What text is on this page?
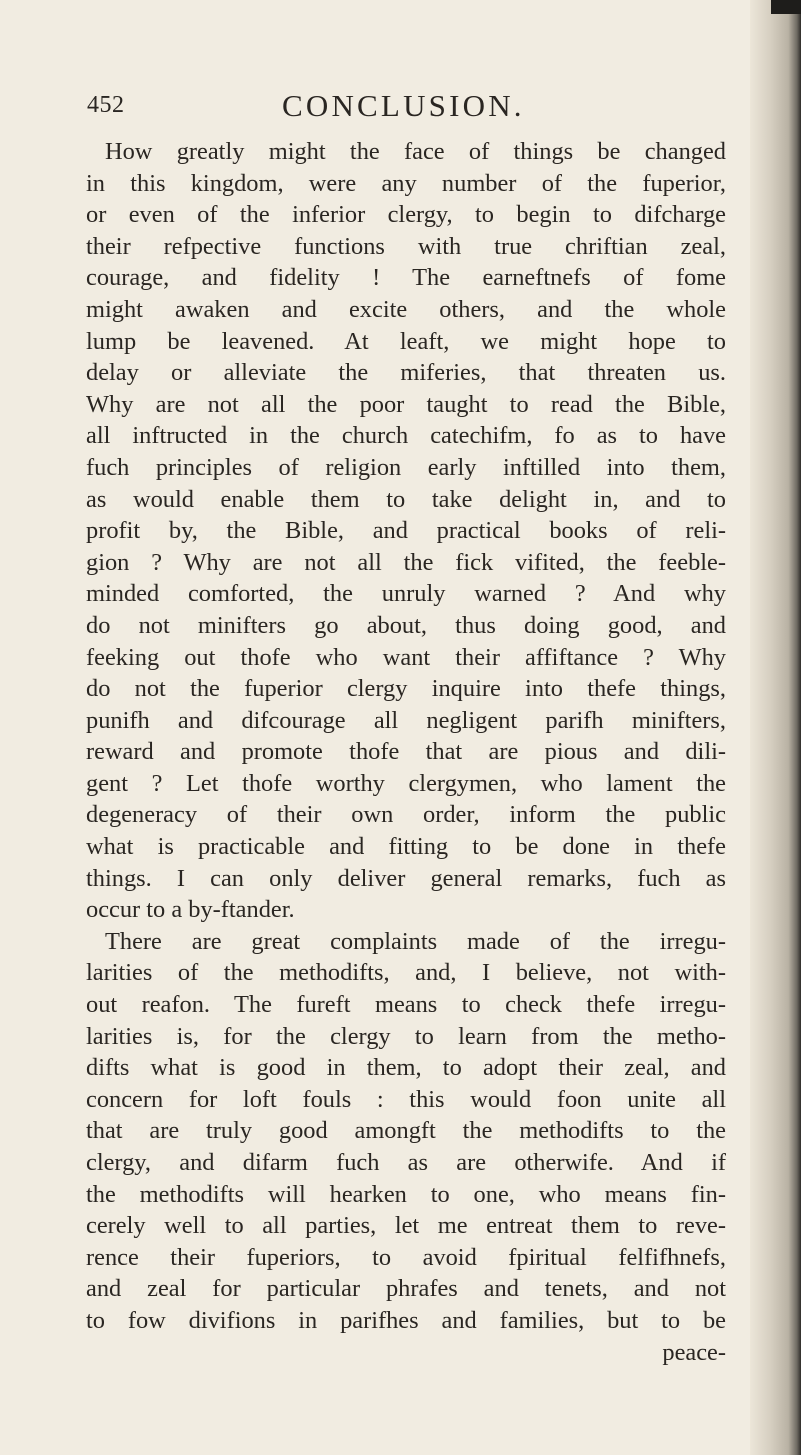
452	CONCLUSION.
How greatly might the face of things be changed
in this kingdom, were any number of the fuperior,
or even of the inferior clergy, to begin to difcharge
their refpective functions with true chriftian zeal,
courage, and fidelity ! The earneftnefs of fome
might awaken and excite others, and the whole
lump be leavened. At leaft, we might hope to
delay or alleviate the miferies, that threaten us.
Why are not all the poor taught to read the Bible,
all inftructed in the church catechifm, fo as to have
fuch principles of religion early inftilled into them,
as would enable them to take delight in, and to
profit by, the Bible, and practical books of reli-
gion ? Why are not all the fick vifited, the feeble-
minded comforted, the unruly warned ? And why
do not minifters go about, thus doing good, and
feeking out thofe who want their affiftance ? Why
do not the fuperior clergy inquire into thefe things,
punifh and difcourage all negligent parifh minifters,
reward and promote thofe that are pious and dili-
gent ? Let thofe worthy clergymen, who lament the
degeneracy of their own order, inform the public
what is practicable and fitting to be done in thefe
things. I can only deliver general remarks, fuch as
occur to a by-ftander.
There are great complaints made of the irregu-
larities of the methodifts, and, I believe, not with-
out reafon. The fureft means to check thefe irregu-
larities is, for the clergy to learn from the metho-
difts what is good in them, to adopt their zeal, and
concern for loft fouls : this would foon unite all
that are truly good amongft the methodifts to the
clergy, and difarm fuch as are otherwife. And if
the methodifts will hearken to one, who means fin-
cerely well to all parties, let me entreat them to reve-
rence their fuperiors, to avoid fpiritual felfifhnefs,
and zeal for particular phrafes and tenets, and not
to fow divifions in parifhes and families, but to be
peace-
